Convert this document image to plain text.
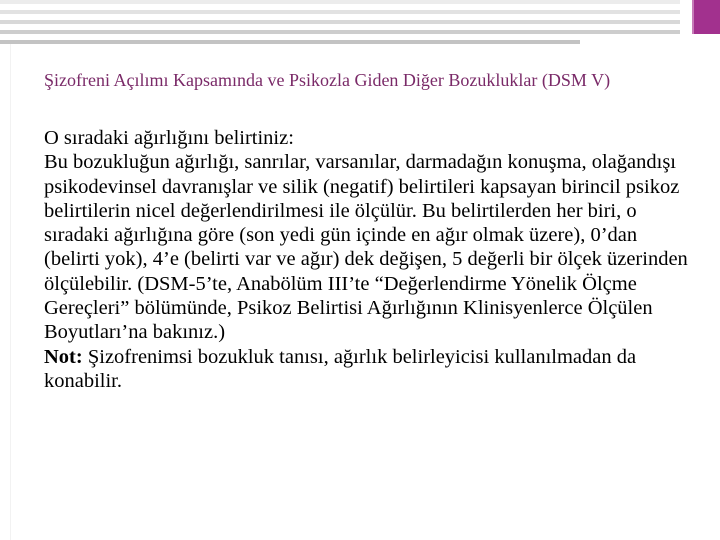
Şizofreni Açılımı Kapsamında ve Psikozla Giden Diğer Bozukluklar (DSM V)

O sıradaki ağırlığını belirtiniz:

Bu bozukluğun ağırlığı, sanrılar, varsanılar, darmadağın konuşma, olağandışı psikodevinsel davranışlar ve silik (negatif) belirtileri kapsayan birincil psikoz belirtilerin nicel değerlendirilmesi ile ölçülür. Bu belirtilerden her biri, o sıradaki ağırlığına göre (son yedi gün içinde en ağır olmak üzere), 0’dan (belirti yok), 4’e (belirti var ve ağır) dek değişen, 5 değerli bir ölçek üzerinden ölçülebilir. (DSM-5’te, Anabölüm III’te “Değerlendirme Yönelik Ölçme Gereçleri” bölümünde, Psikoz Belirtisi Ağırlığının Klinisyenlerce Ölçülen Boyutları’na bakınız.)

Not: Şizofrenimsi bozukluk tanısı, ağırlık belirleyicisi kullanılmadan da konabilir.
